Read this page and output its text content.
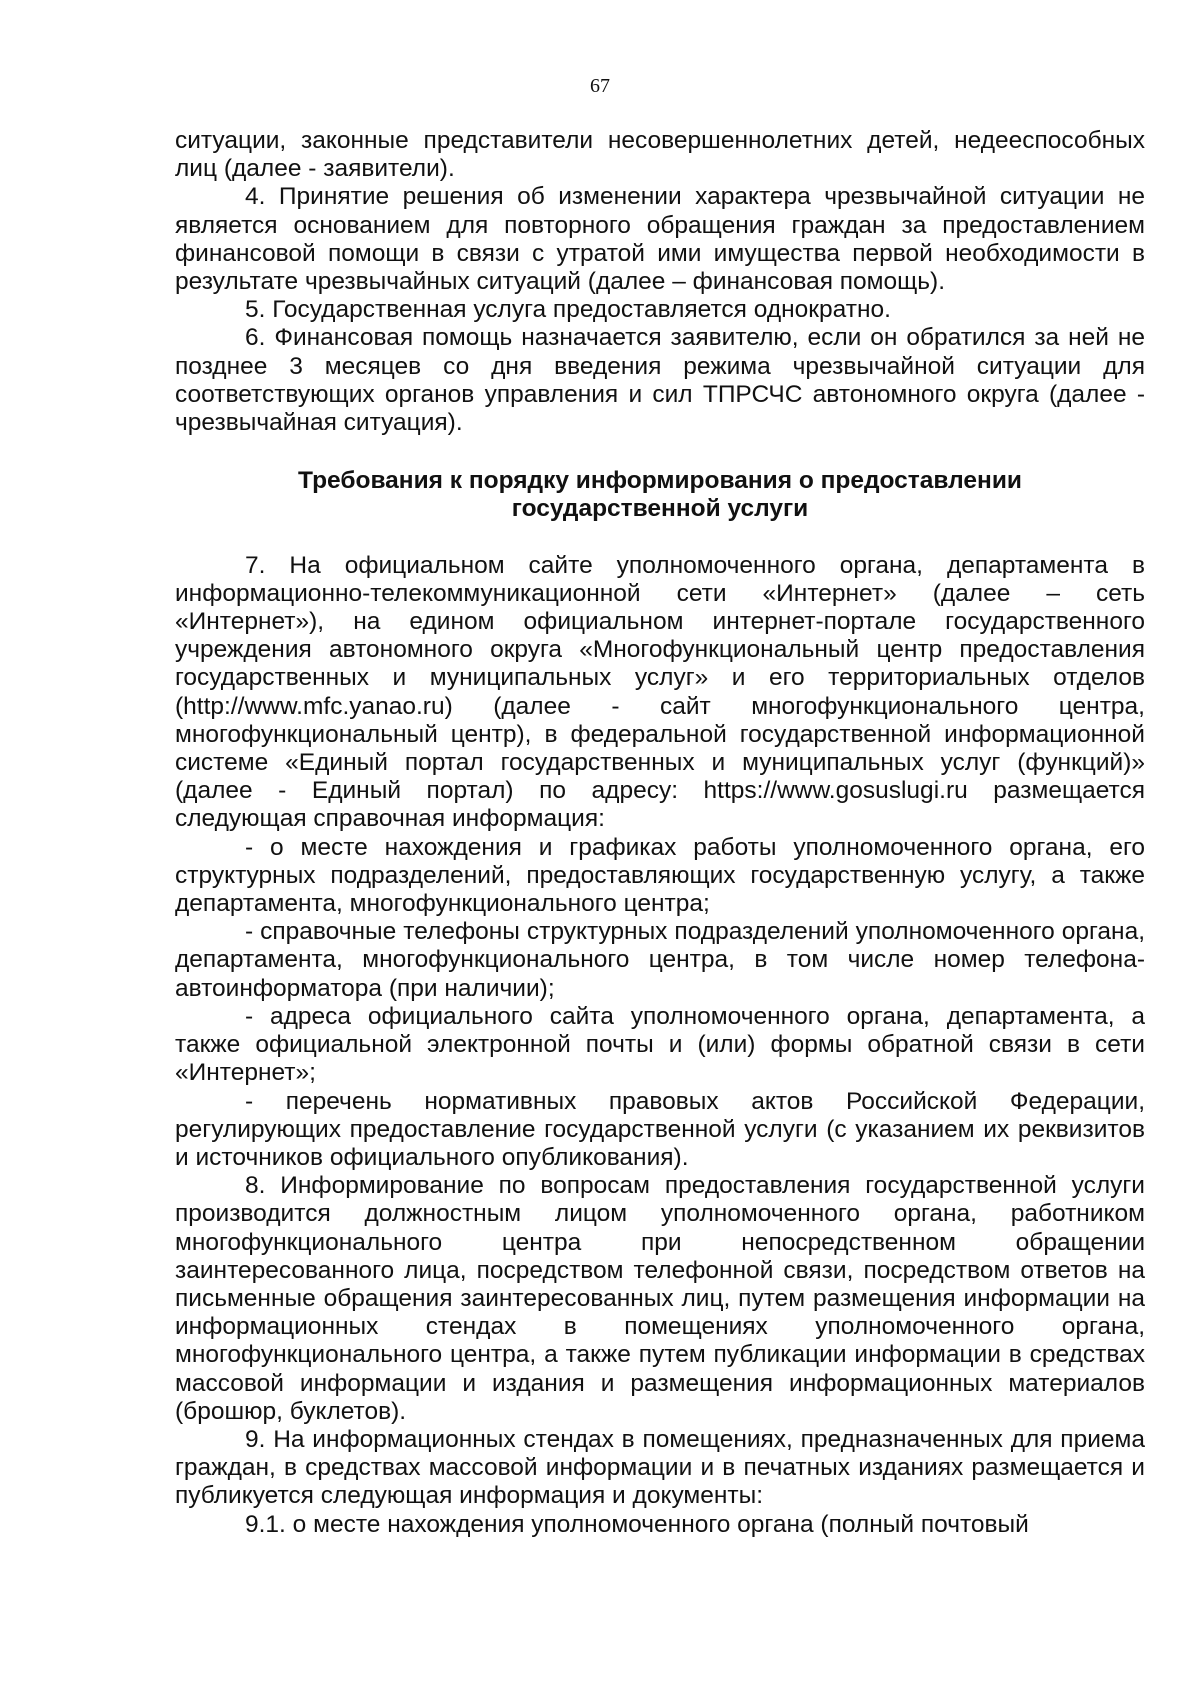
67

ситуации, законные представители несовершеннолетних детей, недееспособных лиц (далее - заявители).

4. Принятие решения об изменении характера чрезвычайной ситуации не является основанием для повторного обращения граждан за предоставлением финансовой помощи в связи с утратой ими имущества первой необходимости в результате чрезвычайных ситуаций (далее – финансовая помощь).

5. Государственная услуга предоставляется однократно.

6. Финансовая помощь назначается заявителю, если он обратился за ней не позднее 3 месяцев со дня введения режима чрезвычайной ситуации для соответствующих органов управления и сил ТПРСЧС автономного округа (далее - чрезвычайная ситуация).

Требования к порядку информирования о предоставлении
государственной услуги

7. На официальном сайте уполномоченного органа, департамента в информационно-телекоммуникационной сети «Интернет» (далее – сеть «Интернет»), на едином официальном интернет-портале государственного учреждения автономного округа «Многофункциональный центр предоставления государственных и муниципальных услуг» и его территориальных отделов (http://www.mfc.yanao.ru) (далее - сайт многофункционального центра, многофункциональный центр), в федеральной государственной информационной системе «Единый портал государственных и муниципальных услуг (функций)» (далее - Единый портал) по адресу: https://www.gosuslugi.ru размещается следующая справочная информация:

- о месте нахождения и графиках работы уполномоченного органа, его структурных подразделений, предоставляющих государственную услугу, а также департамента, многофункционального центра;

- справочные телефоны структурных подразделений уполномоченного органа, департамента, многофункционального центра, в том числе номер телефона-автоинформатора (при наличии);

- адреса официального сайта уполномоченного органа, департамента, а также официальной электронной почты и (или) формы обратной связи в сети «Интернет»;

- перечень нормативных правовых актов Российской Федерации, регулирующих предоставление государственной услуги (с указанием их реквизитов и источников официального опубликования).

8. Информирование по вопросам предоставления государственной услуги производится должностным лицом уполномоченного органа, работником многофункционального центра при непосредственном обращении заинтересованного лица, посредством телефонной связи, посредством ответов на письменные обращения заинтересованных лиц, путем размещения информации на информационных стендах в помещениях уполномоченного органа, многофункционального центра, а также путем публикации информации в средствах массовой информации и издания и размещения информационных материалов (брошюр, буклетов).

9. На информационных стендах в помещениях, предназначенных для приема граждан, в средствах массовой информации и в печатных изданиях размещается и публикуется следующая информация и документы:

9.1. о месте нахождения уполномоченного органа (полный почтовый
